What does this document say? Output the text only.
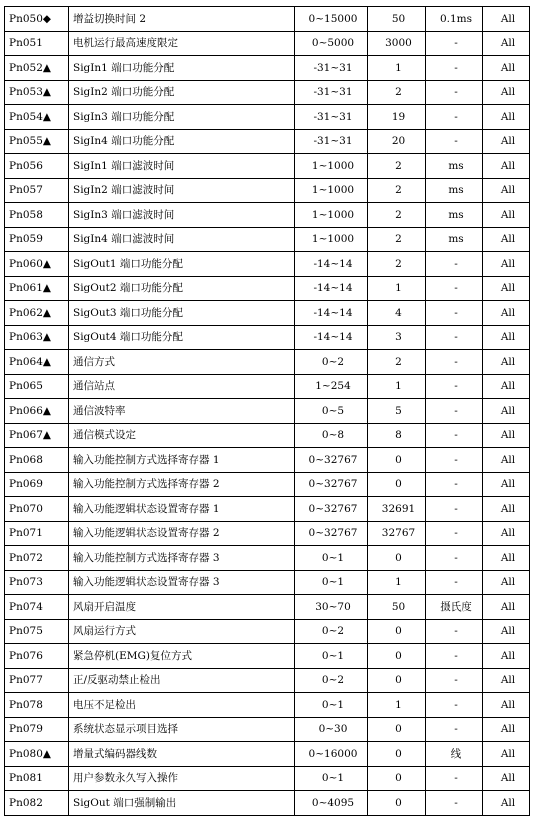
Pn050◆	增益切换时间 2	0~15000	50	0.1ms	All
Pn051	电机运行最高速度限定	0~5000	3000	-	All
Pn052▲	SigIn1 端口功能分配	-31~31	1	-	All
Pn053▲	SigIn2 端口功能分配	-31~31	2	-	All
Pn054▲	SigIn3 端口功能分配	-31~31	19	-	All
Pn055▲	SigIn4 端口功能分配	-31~31	20	-	All
Pn056	SigIn1 端口滤波时间	1~1000	2	ms	All
Pn057	SigIn2 端口滤波时间	1~1000	2	ms	All
Pn058	SigIn3 端口滤波时间	1~1000	2	ms	All
Pn059	SigIn4 端口滤波时间	1~1000	2	ms	All
Pn060▲	SigOut1 端口功能分配	-14~14	2	-	All
Pn061▲	SigOut2 端口功能分配	-14~14	1	-	All
Pn062▲	SigOut3 端口功能分配	-14~14	4	-	All
Pn063▲	SigOut4 端口功能分配	-14~14	3	-	All
Pn064▲	通信方式	0~2	2	-	All
Pn065	通信站点	1~254	1	-	All
Pn066▲	通信波特率	0~5	5	-	All
Pn067▲	通信模式设定	0~8	8	-	All
Pn068	输入功能控制方式选择寄存器 1	0~32767	0	-	All
Pn069	输入功能控制方式选择寄存器 2	0~32767	0	-	All
Pn070	输入功能逻辑状态设置寄存器 1	0~32767	32691	-	All
Pn071	输入功能逻辑状态设置寄存器 2	0~32767	32767	-	All
Pn072	输入功能控制方式选择寄存器 3	0~1	0	-	All
Pn073	输入功能逻辑状态设置寄存器 3	0~1	1	-	All
Pn074	风扇开启温度	30~70	50	摄氏度	All
Pn075	风扇运行方式	0~2	0	-	All
Pn076	紧急停机(EMG)复位方式	0~1	0	-	All
Pn077	正/反驱动禁止检出	0~2	0	-	All
Pn078	电压不足检出	0~1	1	-	All
Pn079	系统状态显示项目选择	0~30	0	-	All
Pn080▲	增量式编码器线数	0~16000	0	线	All
Pn081	用户参数永久写入操作	0~1	0	-	All
Pn082	SigOut 端口强制输出	0~4095	0	-	All
